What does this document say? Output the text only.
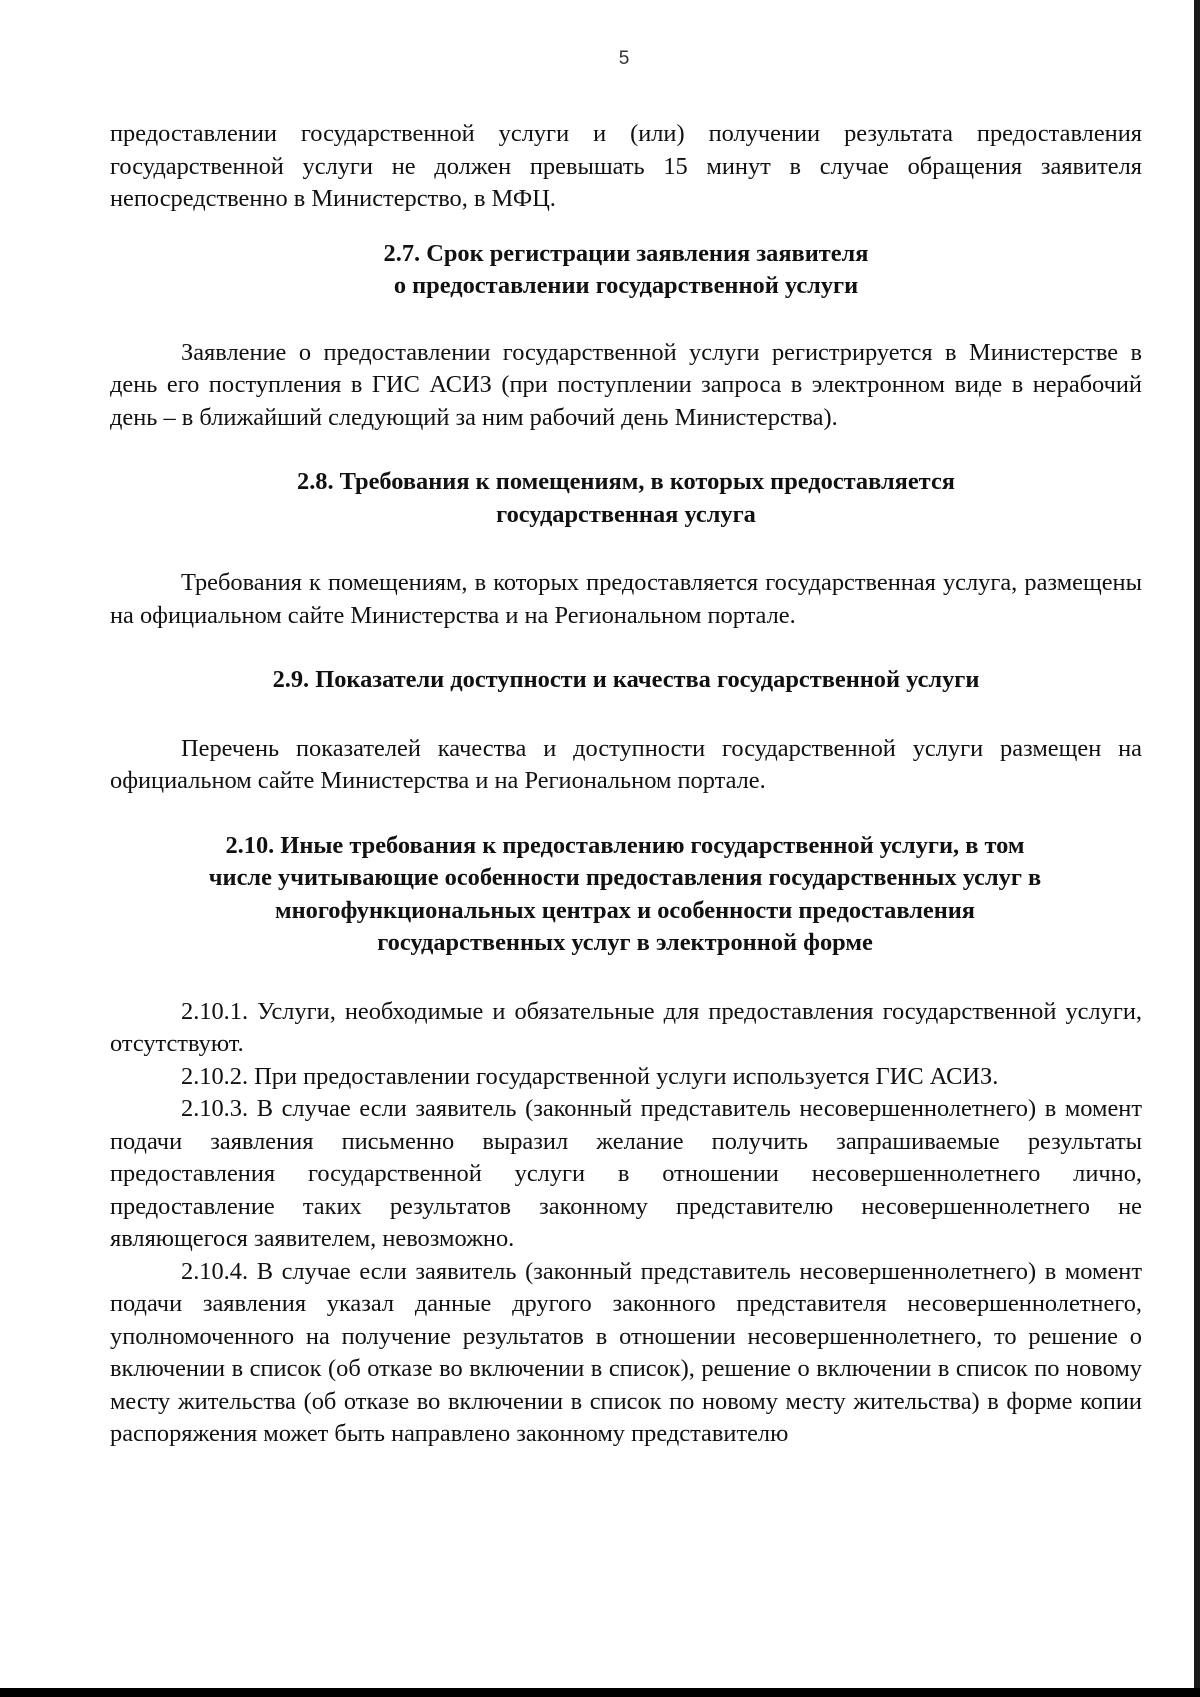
5

предоставлении государственной услуги и (или) получении результата предоставления государственной услуги не должен превышать 15 минут в случае обращения заявителя непосредственно в Министерство, в МФЦ.

2.7. Срок регистрации заявления заявителя
о предоставлении государственной услуги

Заявление о предоставлении государственной услуги регистрируется в Министерстве в день его поступления в ГИС АСИЗ (при поступлении запроса в электронном виде в нерабочий день – в ближайший следующий за ним рабочий день Министерства).

2.8. Требования к помещениям, в которых предоставляется
государственная услуга

Требования к помещениям, в которых предоставляется государственная услуга, размещены на официальном сайте Министерства и на Региональном портале.

2.9. Показатели доступности и качества государственной услуги

Перечень показателей качества и доступности государственной услуги размещен на официальном сайте Министерства и на Региональном портале.

2.10. Иные требования к предоставлению государственной услуги, в том
числе учитывающие особенности предоставления государственных услуг в
многофункциональных центрах и особенности предоставления
государственных услуг в электронной форме

2.10.1. Услуги, необходимые и обязательные для предоставления государственной услуги, отсутствуют.

2.10.2. При предоставлении государственной услуги используется ГИС АСИЗ.

2.10.3. В случае если заявитель (законный представитель несовершеннолетнего) в момент подачи заявления письменно выразил желание получить запрашиваемые результаты предоставления государственной услуги в отношении несовершеннолетнего лично, предоставление таких результатов законному представителю несовершеннолетнего не являющегося заявителем, невозможно.

2.10.4. В случае если заявитель (законный представитель несовершеннолетнего) в момент подачи заявления указал данные другого законного представителя несовершеннолетнего, уполномоченного на получение результатов в отношении несовершеннолетнего, то решение о включении в список (об отказе во включении в список), решение о включении в список по новому месту жительства (об отказе во включении в список по новому месту жительства) в форме копии распоряжения может быть направлено законному представителю
